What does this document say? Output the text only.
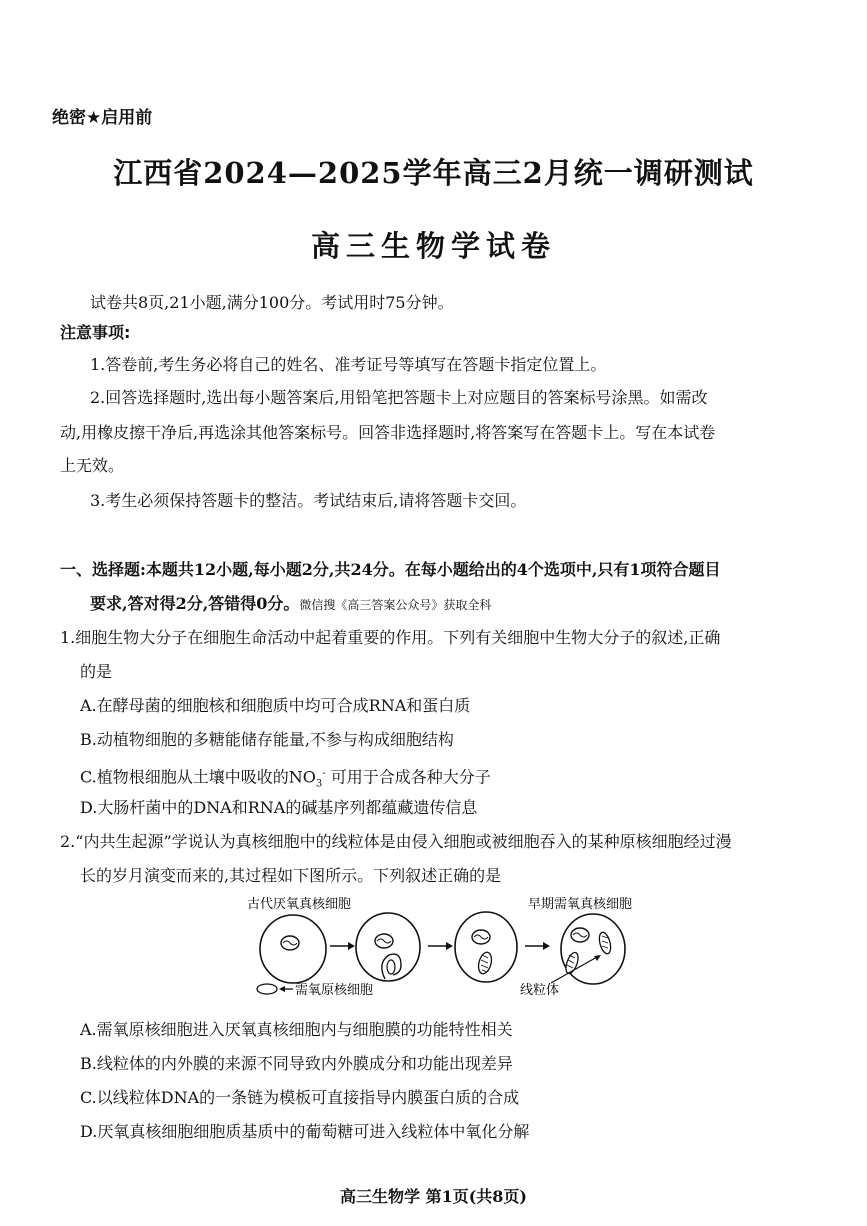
绝密★启用前
江西省2024—2025学年高三2月统一调研测试
高三生物学试卷
试卷共8页,21小题,满分100分。考试用时75分钟。
注意事项:
1.答卷前,考生务必将自己的姓名、准考证号等填写在答题卡指定位置上。
2.回答选择题时,选出每小题答案后,用铅笔把答题卡上对应题目的答案标号涂黑。如需改
动,用橡皮擦干净后,再选涂其他答案标号。回答非选择题时,将答案写在答题卡上。写在本试卷
上无效。
3.考生必须保持答题卡的整洁。考试结束后,请将答题卡交回。
一、选择题:本题共12小题,每小题2分,共24分。在每小题给出的4个选项中,只有1项符合题目
要求,答对得2分,答错得0分。微信搜《高三答案公众号》获取全科
1.细胞生物大分子在细胞生命活动中起着重要的作用。下列有关细胞中生物大分子的叙述,正确
的是
A.在酵母菌的细胞核和细胞质中均可合成RNA和蛋白质
B.动植物细胞的多糖能储存能量,不参与构成细胞结构
C.植物根细胞从土壤中吸收的$NO_3^-$ 可用于合成各种大分子
D.大肠杆菌中的DNA和RNA的碱基序列都蕴藏遗传信息
2.“内共生起源”学说认为真核细胞中的线粒体是由侵入细胞或被细胞吞入的某种原核细胞经过漫
长的岁月演变而来的,其过程如下图所示。下列叙述正确的是
古代厌氧真核细胞	早期需氧真核细胞
需氧原核细胞	线粒体
A.需氧原核细胞进入厌氧真核细胞内与细胞膜的功能特性相关
B.线粒体的内外膜的来源不同导致内外膜成分和功能出现差异
C.以线粒体DNA的一条链为模板可直接指导内膜蛋白质的合成
D.厌氧真核细胞细胞质基质中的葡萄糖可进入线粒体中氧化分解
高三生物学 第1页(共8页)
